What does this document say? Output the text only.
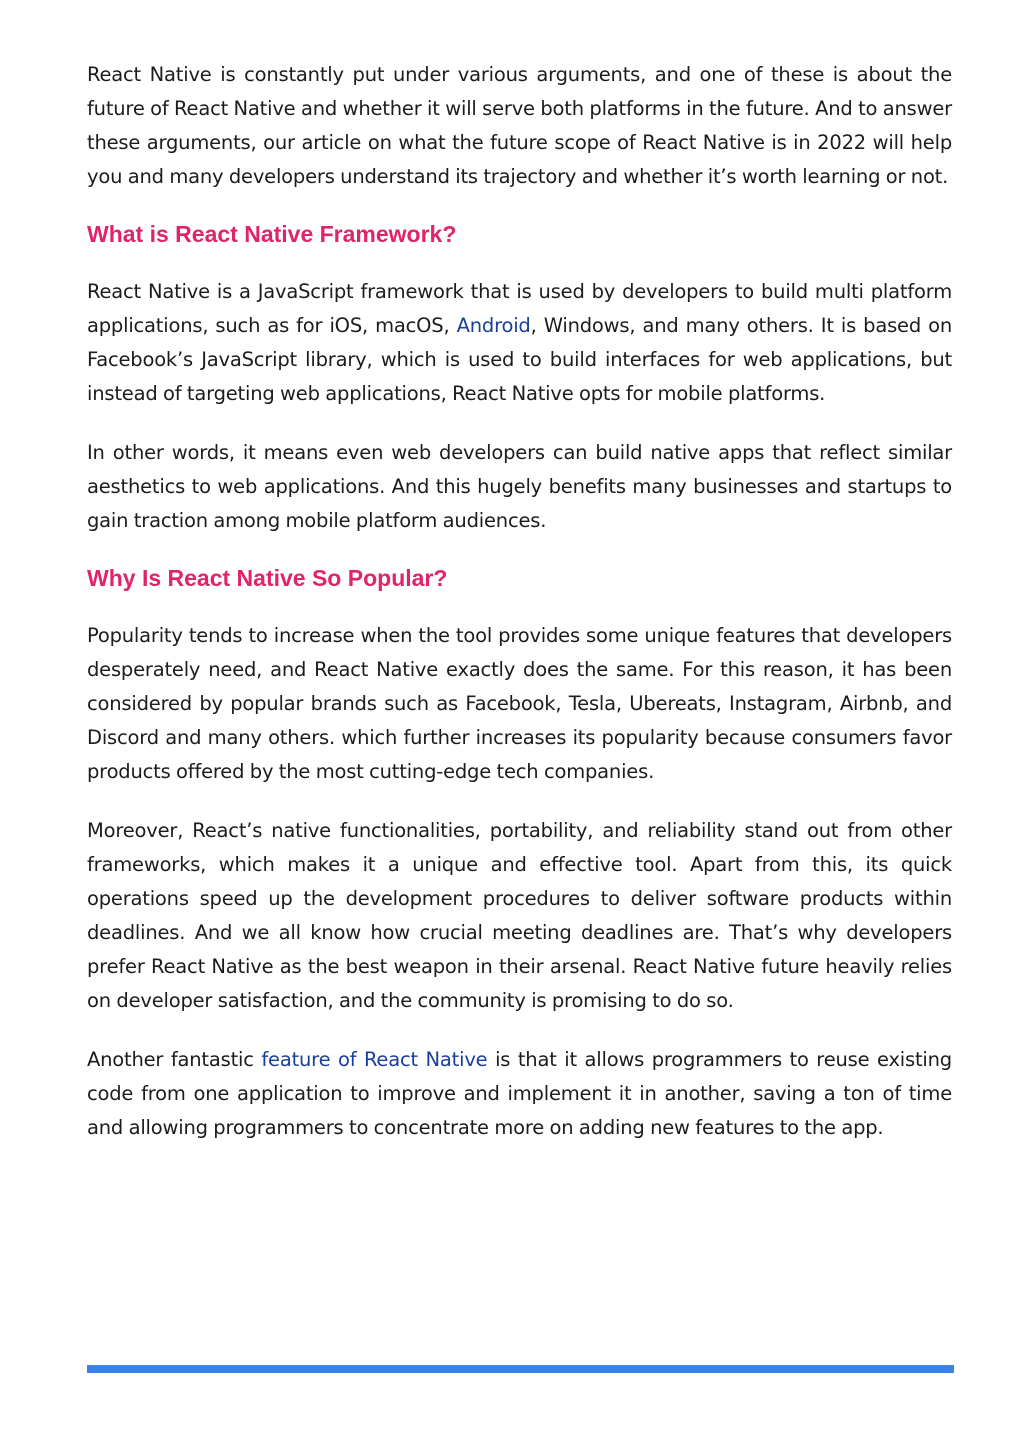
React Native is constantly put under various arguments, and one of these is about the future of React Native and whether it will serve both platforms in the future. And to answer these arguments, our article on what the future scope of React Native is in 2022 will help you and many developers understand its trajectory and whether it’s worth learning or not.

What is React Native Framework?

React Native is a JavaScript framework that is used by developers to build multi platform applications, such as for iOS, macOS, Android, Windows, and many others. It is based on Facebook’s JavaScript library, which is used to build interfaces for web applications, but instead of targeting web applications, React Native opts for mobile platforms.

In other words, it means even web developers can build native apps that reflect similar aesthetics to web applications. And this hugely benefits many businesses and startups to gain traction among mobile platform audiences.

Why Is React Native So Popular?

Popularity tends to increase when the tool provides some unique features that developers desperately need, and React Native exactly does the same. For this reason, it has been considered by popular brands such as Facebook, Tesla, Ubereats, Instagram, Airbnb, and Discord and many others. which further increases its popularity because consumers favor products offered by the most cutting-edge tech companies.

Moreover, React’s native functionalities, portability, and reliability stand out from other frameworks, which makes it a unique and effective tool. Apart from this, its quick operations speed up the development procedures to deliver software products within deadlines. And we all know how crucial meeting deadlines are. That’s why developers prefer React Native as the best weapon in their arsenal. React Native future heavily relies on developer satisfaction, and the community is promising to do so.

Another fantastic feature of React Native is that it allows programmers to reuse existing code from one application to improve and implement it in another, saving a ton of time and allowing programmers to concentrate more on adding new features to the app.
